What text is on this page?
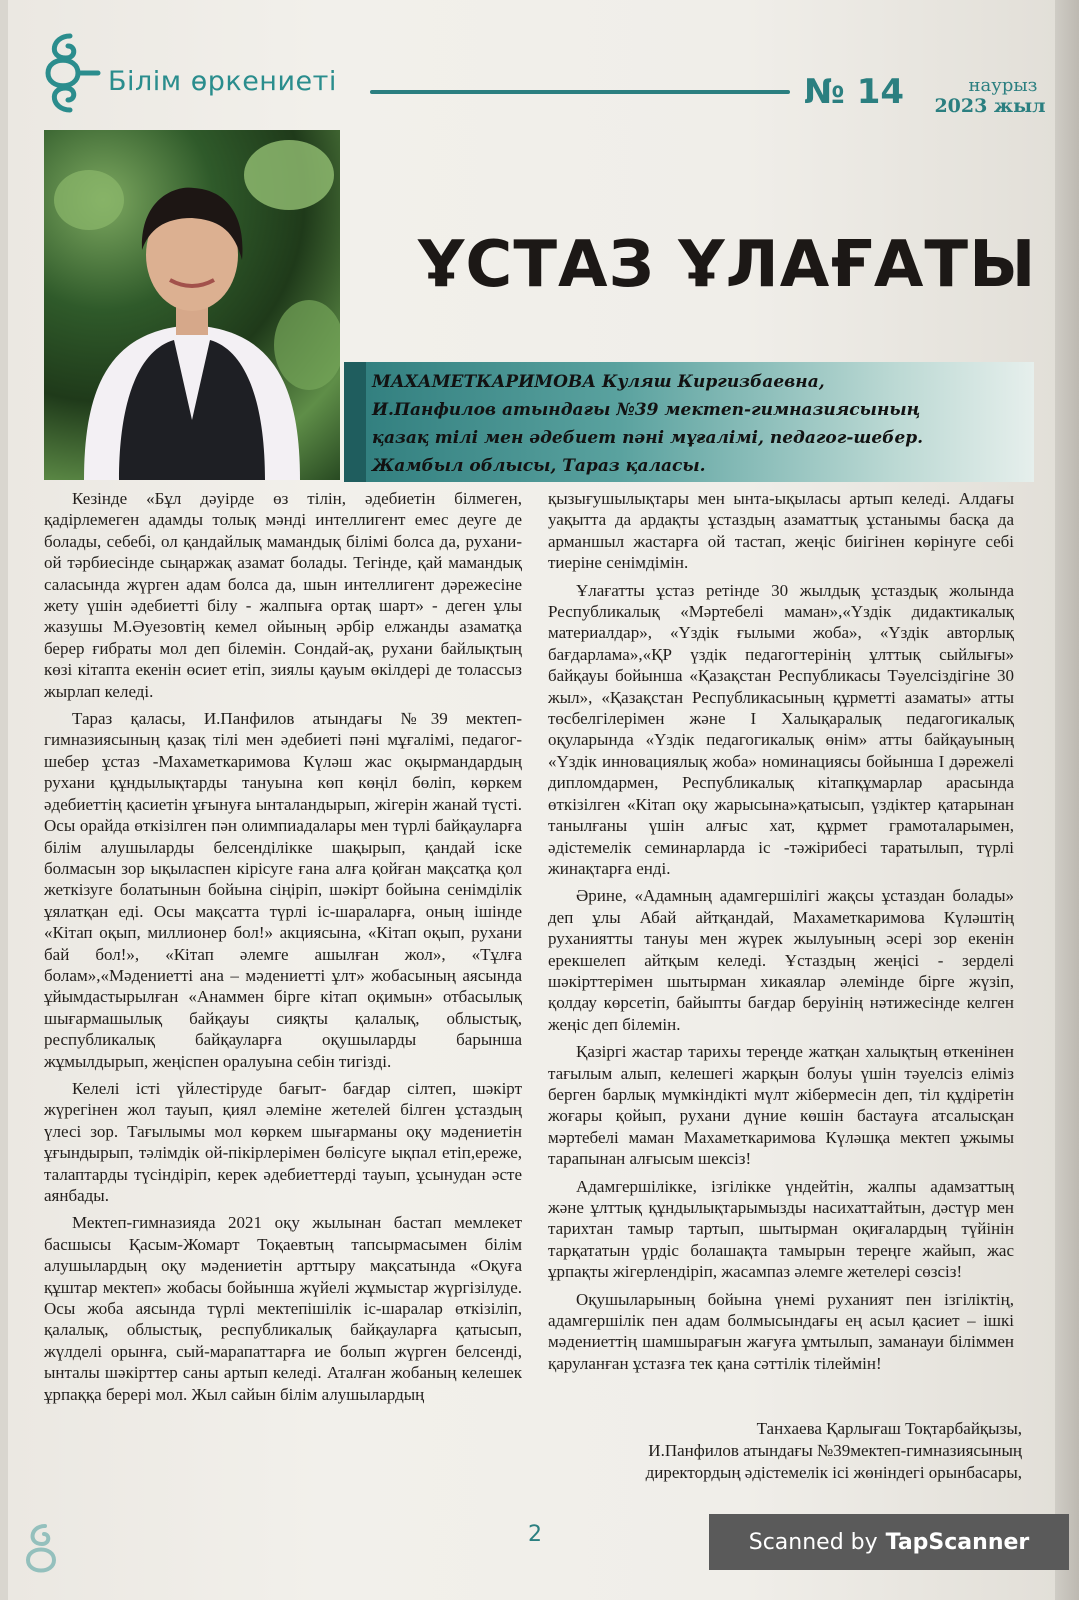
Білім өркениеті	№ 14	наурыз
2023 жыл
ҰСТАЗ ҰЛАҒАТЫ
МАХАМЕТКАРИМОВА Куляш Киргизбаевна,
И.Панфилов атындағы №39 мектеп-гимназиясының
қазақ тілі мен әдебиет пәні мұғалімі, педагог-шебер.
Жамбыл облысы, Тараз қаласы.

Кезінде «Бұл дәуірде өз тілін, әдебиетін білмеген, қадірлемеген адамды толық мәнді интеллигент емес деуге де болады, себебі, ол қандайлық мамандық білімі болса да, рухани-ой тәрбиесінде сыңаржақ азамат болады. Тегінде, қай мамандық саласында жүрген адам болса да, шын интеллигент дәрежесіне жету үшін әдебиетті білу - жалпыға ортақ шарт» - деген ұлы жазушы М.Әуезовтің кемел ойының әрбір елжанды азаматқа берер ғибраты мол деп білемін. Сондай-ақ, рухани байлықтың көзі кітапта екенін өсиет етіп, зиялы қауым өкілдері де толассыз жырлап келеді.

Тараз қаласы, И.Панфилов атындағы №39 мектеп-гимназиясының қазақ тілі мен әдебиеті пәні мұғалімі, педагог-шебер ұстаз -Махаметкаримова Күләш жас оқырмандардың рухани құндылықтарды тануына көп көңіл бөліп, көркем әдебиеттің қасиетін ұғынуға ынталандырып, жігерін жанай түсті. Осы орайда өткізілген пән олимпиадалары мен түрлі байқауларға білім алушыларды белсенділікке шақырып, қандай іске болмасын зор ықыласпен кірісуге ғана алға қойған мақсатқа қол жеткізуге болатынын бойына сіңіріп, шәкірт бойына сенімділік ұялатқан еді. Осы мақсатта түрлі іс-шараларға, оның ішінде «Кітап оқып, миллионер бол!» акциясына, «Кітап оқып, рухани бай бол!», «Кітап әлемге ашылған жол», «Тұлға болам»,«Мәдениетті ана – мәдениетті ұлт» жобасының аясында ұйымдастырылған «Анаммен бірге кітап оқимын» отбасылық шығармашылық байқауы сияқты қалалық, облыстық, республикалық байқауларға оқушыларды барынша жұмылдырып, жеңіспен оралуына себін тигізді.

Келелі істі үйлестіруде бағыт- бағдар сілтеп, шәкірт жүрегінен жол тауып, қиял әлеміне жетелей білген ұстаздың үлесі зор. Тағылымы мол көркем шығарманы оқу мәдениетін ұғындырып, тәлімдік ой-пікірлерімен бөлісуге ықпал етіп,ереже, талаптарды түсіндіріп, керек әдебиеттерді тауып, ұсынудан әсте аянбады.

Мектеп-гимназияда 2021 оқу жылынан бастап мемлекет басшысы Қасым-Жомарт Тоқаевтың тапсырмасымен білім алушылардың оқу мәдениетін арттыру мақсатында «Оқуға құштар мектеп» жобасы бойынша жүйелі жұмыстар жүргізілуде. Осы жоба аясында түрлі мектепішілік іс-шаралар өткізіліп, қалалық, облыстық, республикалық байқауларға қатысып, жүлделі орынға, сый-марапаттарға ие болып жүрген белсенді, ынталы шәкірттер саны артып келеді. Аталған жобаның келешек ұрпаққа берері мол. Жыл сайын білім алушылардың

қызығушылықтары мен ынта-ықыласы артып келеді. Алдағы уақытта да ардақты ұстаздың азаматтық ұстанымы басқа да арманшыл жастарға ой тастап, жеңіс биігінен көрінуге себі тиеріне сенімдімін.

Ұлағатты ұстаз ретінде 30 жылдық ұстаздық жолында Республикалық «Мәртебелі маман»,«Үздік дидактикалық материалдар», «Үздік ғылыми жоба», «Үздік авторлық бағдарлама»,«ҚР үздік педагогтерінің ұлттық сыйлығы» байқауы бойынша «Қазақстан Республикасы Тәуелсіздігіне 30 жыл», «Қазақстан Республикасының құрметті азаматы» атты төсбелгілерімен және І Халықаралық педагогикалық оқуларында «Үздік педагогикалық өнім» атты байқауының «Үздік инновациялық жоба» номинациясы бойынша І дәрежелі дипломдармен, Республикалық кітапқұмарлар арасында өткізілген «Кітап оқу жарысына»қатысып, үздіктер қатарынан танылғаны үшін алғыс хат, құрмет грамоталарымен, әдістемелік семинарларда іс -тәжірибесі таратылып, түрлі жинақтарға енді.

Әрине, «Адамның адамгершілігі жақсы ұстаздан болады» деп ұлы Абай айтқандай, Махаметкаримова Күләштің руханиятты тануы мен жүрек жылуының әсері зор екенін ерекшелеп айтқым келеді. Ұстаздың жеңісі - зерделі шәкірттерімен шытырман хикаялар әлемінде бірге жүзіп, қолдау көрсетіп, байыпты бағдар беруінің нәтижесінде келген жеңіс деп білемін.

Қазіргі жастар тарихы тереңде жатқан халықтың өткенінен тағылым алып, келешегі жарқын болуы үшін тәуелсіз еліміз берген барлық мүмкіндікті мүлт жібермесін деп, тіл құдіретін жоғары қойып, рухани дүние көшін бастауға атсалысқан мәртебелі маман Махаметкаримова Күләшқа мектеп ұжымы тарапынан алғысым шексіз!

Адамгершілікке, ізгілікке үндейтін, жалпы адамзаттың және ұлттық құндылықтарымызды насихаттайтын, дәстүр мен тарихтан тамыр тартып, шытырман оқиғалардың түйінін тарқататын үрдіс болашақта тамырын тереңге жайып, жас ұрпақты жігерлендіріп, жасампаз әлемге жетелері сөзсіз!

Оқушыларының бойына үнемі руханият пен ізгіліктің, адамгершілік пен адам болмысындағы ең асыл қасиет – ішкі мәдениеттің шамшырағын жағуға ұмтылып, заманауи біліммен қаруланған ұстазға тек қана сәттілік тілеймін!

Танхаева Қарлығаш Тоқтарбайқызы,
И.Панфилов атындағы №39мектеп-гимназиясының
директордың әдістемелік ісі жөніндегі орынбасары,
2	Scanned by TapScanner
